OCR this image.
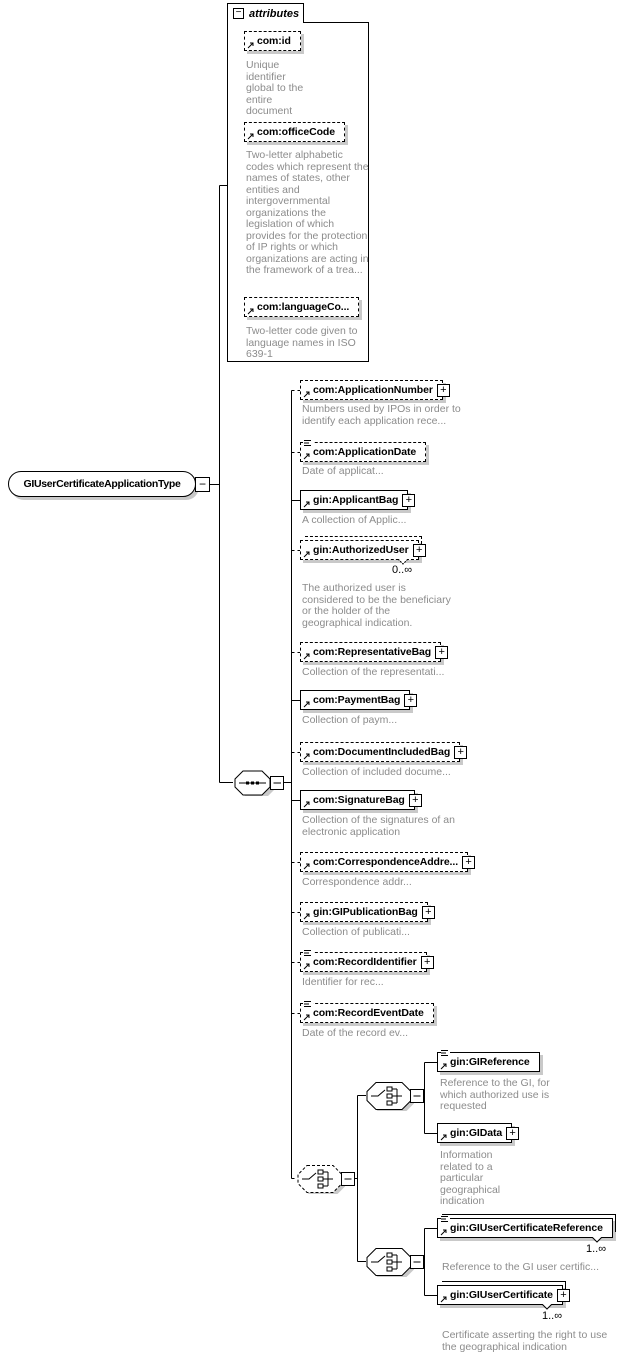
− attributes
com:id
Unique identifier global to the entire document
com:officeCode
Two-letter alphabetic codes which represent the names of states, other entities and intergovernmental organizations the legislation of which provides for the protection of IP rights or which organizations are acting in the framework of a trea...
com:languageCo...
Two-letter code given to language names in ISO 639-1
GIUserCertificateApplicationType	−
com:ApplicationNumber +
Numbers used by IPOs in order to identify each application rece...
com:ApplicationDate
Date of applicat...
gin:ApplicantBag +
A collection of Applic...
gin:AuthorizedUser +
0..∞
The authorized user is considered to be the beneficiary or the holder of the geographical indication.
com:RepresentativeBag +
Collection of the representati...
com:PaymentBag +
Collection of paym...
com:DocumentIncludedBag +
Collection of included docume...
com:SignatureBag +
Collection of the signatures of an electronic application
com:CorrespondenceAddre... +
Correspondence addr...
gin:GIPublicationBag +
Collection of publicati...
com:RecordIdentifier +
Identifier for rec...
com:RecordEventDate
Date of the record ev...
gin:GIReference
Reference to the GI, for which authorized use is requested
gin:GIData +
Information related to a particular geographical indication
gin:GIUserCertificateReference
1..∞
Reference to the GI user certific...
gin:GIUserCertificate +
1..∞
Certificate asserting the right to use the geographical indication
